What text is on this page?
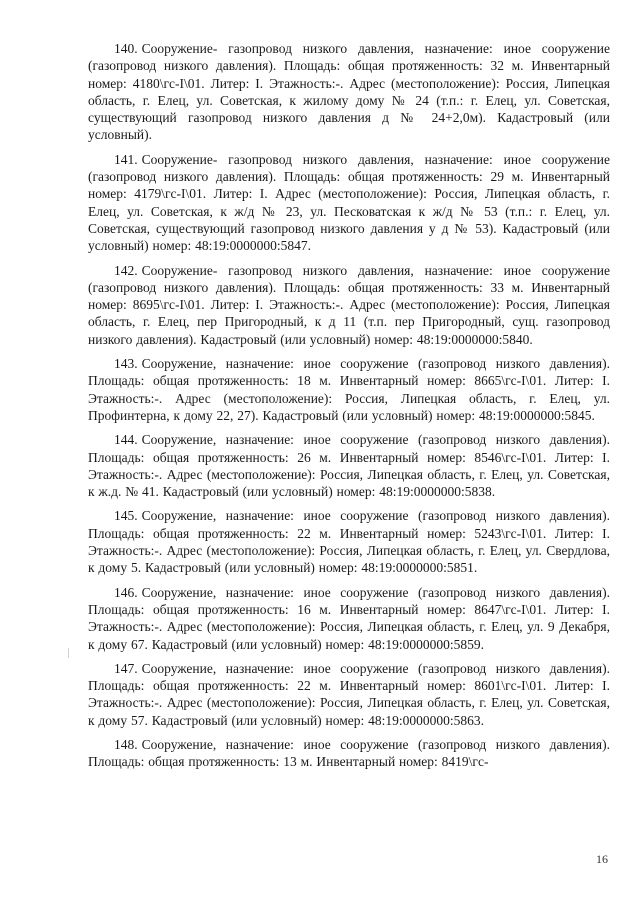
140. Сооружение- газопровод низкого давления, назначение: иное сооружение (газопровод низкого давления). Площадь: общая протяженность: 32 м. Инвентарный номер: 4180\гс-I\01. Литер: I. Этажность:-. Адрес (местоположение): Россия, Липецкая область, г. Елец, ул. Советская, к жилому дому № 24 (т.п.: г. Елец, ул. Советская, существующий газопровод низкого давления д № 24+2,0м). Кадастровый (или условный).

141. Сооружение- газопровод низкого давления, назначение: иное сооружение (газопровод низкого давления). Площадь: общая протяженность: 29 м. Инвентарный номер: 4179\гс-I\01. Литер: I. Адрес (местоположение): Россия, Липецкая область, г. Елец, ул. Советская, к ж/д № 23, ул. Песковатская к ж/д № 53 (т.п.: г. Елец, ул. Советская, существующий газопровод низкого давления у д № 53). Кадастровый (или условный) номер: 48:19:0000000:5847.

142. Сооружение- газопровод низкого давления, назначение: иное сооружение (газопровод низкого давления). Площадь: общая протяженность: 33 м. Инвентарный номер: 8695\гс-I\01. Литер: I. Этажность:-. Адрес (местоположение): Россия, Липецкая область, г. Елец, пер Пригородный, к д 11 (т.п. пер Пригородный, сущ. газопровод низкого давления). Кадастровый (или условный) номер: 48:19:0000000:5840.

143. Сооружение, назначение: иное сооружение (газопровод низкого давления). Площадь: общая протяженность: 18 м. Инвентарный номер: 8665\гс-I\01. Литер: I. Этажность:-. Адрес (местоположение): Россия, Липецкая область, г. Елец, ул. Профинтерна, к дому 22, 27). Кадастровый (или условный) номер: 48:19:0000000:5845.

144. Сооружение, назначение: иное сооружение (газопровод низкого давления). Площадь: общая протяженность: 26 м. Инвентарный номер: 8546\гс-I\01. Литер: I. Этажность:-. Адрес (местоположение): Россия, Липецкая область, г. Елец, ул. Советская, к ж.д. № 41. Кадастровый (или условный) номер: 48:19:0000000:5838.

145. Сооружение, назначение: иное сооружение (газопровод низкого давления). Площадь: общая протяженность: 22 м. Инвентарный номер: 5243\гс-I\01. Литер: I. Этажность:-. Адрес (местоположение): Россия, Липецкая область, г. Елец, ул. Свердлова, к дому 5. Кадастровый (или условный) номер: 48:19:0000000:5851.

146. Сооружение, назначение: иное сооружение (газопровод низкого давления). Площадь: общая протяженность: 16 м. Инвентарный номер: 8647\гс-I\01. Литер: I. Этажность:-. Адрес (местоположение): Россия, Липецкая область, г. Елец, ул. 9 Декабря, к дому 67. Кадастровый (или условный) номер: 48:19:0000000:5859.

147. Сооружение, назначение: иное сооружение (газопровод низкого давления). Площадь: общая протяженность: 22 м. Инвентарный номер: 8601\гс-I\01. Литер: I. Этажность:-. Адрес (местоположение): Россия, Липецкая область, г. Елец, ул. Советская, к дому 57. Кадастровый (или условный) номер: 48:19:0000000:5863.

148. Сооружение, назначение: иное сооружение (газопровод низкого давления). Площадь: общая протяженность: 13 м. Инвентарный номер: 8419\гс-

16
